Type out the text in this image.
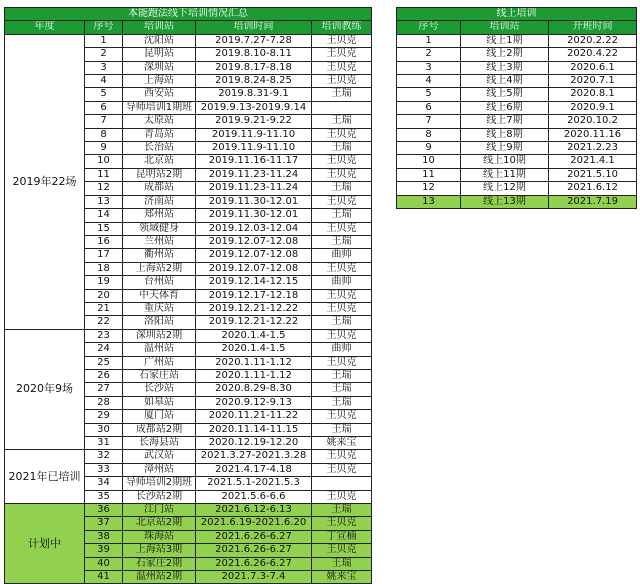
本能跑法线下培训情况汇总				
年度	序号	培训站	培训时间	培训教练
2019年22场	1	沈阳站	2019.7.27-7.28	王贝克
	2	昆明站	2019.8.10-8.11	王贝克
	3	深圳站	2019.8.17-8.18	王贝克
	4	上海站	2019.8.24-8.25	王贝克
	5	西安站	2019.8.31-9.1	王瑞
	6	导师培训1期班	2019.9.13-2019.9.14	
	7	太原站	2019.9.21-9.22	王瑞
	8	青岛站	2019.11.9-11.10	王贝克
	9	长治站	2019.11.9-11.10	王瑞
	10	北京站	2019.11.16-11.17	王贝克
	11	昆明站2期	2019.11.23-11.24	王贝克
	12	成都站	2019.11.23-11.24	王瑞
	13	济南站	2019.11.30-12.01	王贝克
	14	郑州站	2019.11.30-12.01	王瑞
	15	领域健身	2019.12.03-12.04	王贝克
	16	兰州站	2019.12.07-12.08	王瑞
	17	衢州站	2019.12.07-12.08	曲帅
	18	上海站2期	2019.12.07-12.08	王贝克
	19	台州站	2019.12.14-12.15	曲帅
	20	中天体育	2019.12.17-12.18	王贝克
	21	重庆站	2019.12.21-12.22	王贝克
	22	洛阳站	2019.12.21-12.22	王瑞
2020年9场	23	深圳站2期	2020.1.4-1.5	王贝克
	24	温州站	2020.1.4-1.5	曲帅
	25	广州站	2020.1.11-1.12	王贝克
	26	石家庄站	2020.1.11-1.12	王瑞
	27	长沙站	2020.8.29-8.30	王瑞
	28	如皋站	2020.9.12-9.13	王瑞
	29	厦门站	2020.11.21-11.22	王贝克
	30	成都站2期	2020.11.14-11.15	王瑞
	31	长海县站	2020.12.19-12.20	姚来宝
2021年已培训	32	武汉站	2021.3.27-2021.3.28	王贝克
	33	漳州站	2021.4.17-4.18	王贝克
	34	导师培训2期班	2021.5.1-2021.5.3	
	35	长沙站2期	2021.5.6-6.6	王贝克
计划中	36	江门站	2021.6.12-6.13	王瑞
	37	北京站2期	2021.6.19-2021.6.20	王贝克
	38	珠海站	2021.6.26-6.27	丁宣楠
	39	上海站3期	2021.6.26-6.27	王贝克
	40	石家庄2期	2021.6.26-6.27	王瑞
	41	温州站2期	2021.7.3-7.4	姚来宝
线上培训		
序号	培训站	开班时间
1	线上1期	2020.2.22
2	线上2期	2020.4.22
3	线上3期	2020.6.1
4	线上4期	2020.7.1
5	线上5期	2020.8.1
6	线上6期	2020.9.1
7	线上7期	2020.10.2
8	线上8期	2020.11.16
9	线上9期	2021.2.23
10	线上10期	2021.4.1
11	线上11期	2021.5.10
12	线上12期	2021.6.12
13	线上13期	2021.7.19
